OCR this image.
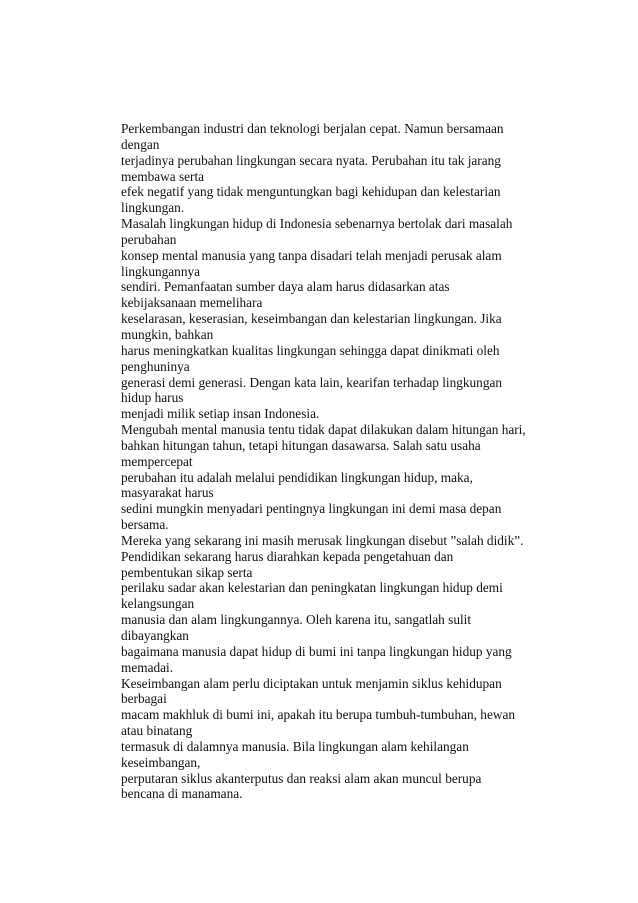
Perkembangan industri dan teknologi berjalan cepat. Namun bersamaan
dengan
terjadinya perubahan lingkungan secara nyata. Perubahan itu tak jarang
membawa serta
efek negatif yang tidak menguntungkan bagi kehidupan dan kelestarian
lingkungan.
Masalah lingkungan hidup di Indonesia sebenarnya bertolak dari masalah
perubahan
konsep mental manusia yang tanpa disadari telah menjadi perusak alam
lingkungannya
sendiri. Pemanfaatan sumber daya alam harus didasarkan atas
kebijaksanaan memelihara
keselarasan, keserasian, keseimbangan dan kelestarian lingkungan. Jika
mungkin, bahkan
harus meningkatkan kualitas lingkungan sehingga dapat dinikmati oleh
penghuninya
generasi demi generasi. Dengan kata lain, kearifan terhadap lingkungan
hidup harus
menjadi milik setiap insan Indonesia.
Mengubah mental manusia tentu tidak dapat dilakukan dalam hitungan hari,
bahkan hitungan tahun, tetapi hitungan dasawarsa. Salah satu usaha
mempercepat
perubahan itu adalah melalui pendidikan lingkungan hidup, maka,
masyarakat harus
sedini mungkin menyadari pentingnya lingkungan ini demi masa depan
bersama.
Mereka yang sekarang ini masih merusak lingkungan disebut ”salah didik”.
Pendidikan sekarang harus diarahkan kepada pengetahuan dan
pembentukan sikap serta
perilaku sadar akan kelestarian dan peningkatan lingkungan hidup demi
kelangsungan
manusia dan alam lingkungannya. Oleh karena itu, sangatlah sulit
dibayangkan
bagaimana manusia dapat hidup di bumi ini tanpa lingkungan hidup yang
memadai.
Keseimbangan alam perlu diciptakan untuk menjamin siklus kehidupan
berbagai
macam makhluk di bumi ini, apakah itu berupa tumbuh-tumbuhan, hewan
atau binatang
termasuk di dalamnya manusia. Bila lingkungan alam kehilangan
keseimbangan,
perputaran siklus akanterputus dan reaksi alam akan muncul berupa
bencana di manamana.
